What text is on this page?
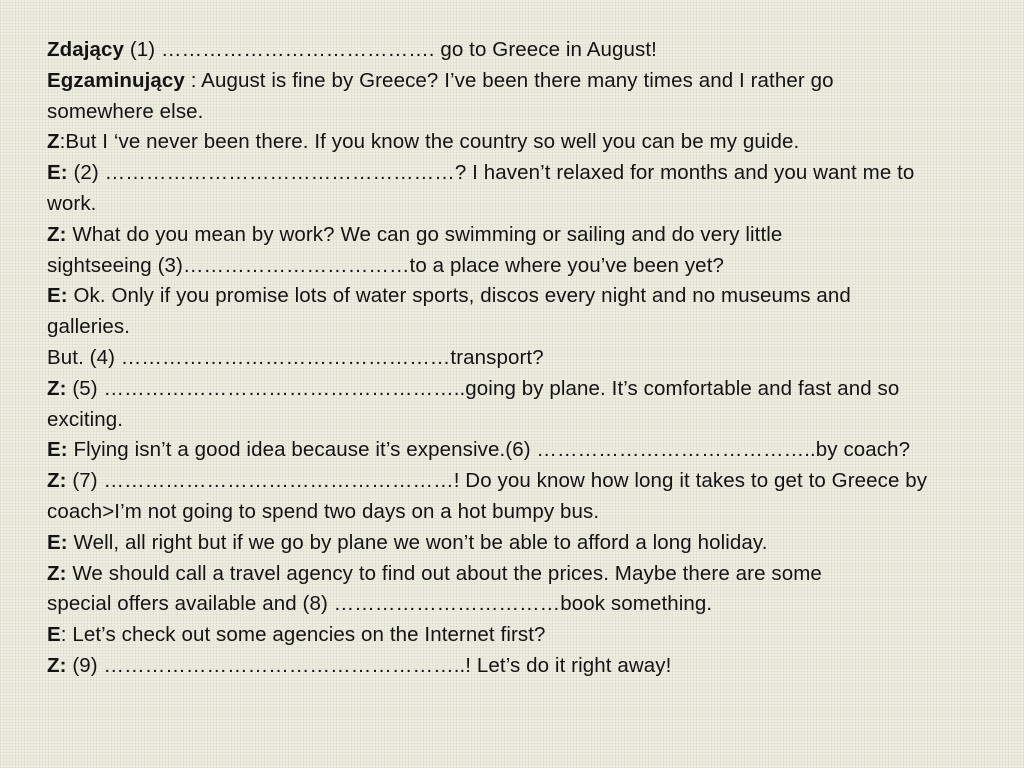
Zdający (1) …………………………………. go to Greece in August!
Egzaminujący : August is fine by Greece? I’ve been there many times and I rather go
somewhere else.
Z:But I ‘ve never been there. If you know the country so well you can be my guide.
E: (2) ……………………………………………? I haven’t relaxed for months and you want me to
work.
Z: What do you mean by work? We can go swimming or sailing and do very little
sightseeing (3)……………………………to a place where you’ve been yet?
E: Ok. Only if you promise lots of water sports, discos every night and no museums and
galleries.
But. (4) …………………………………………transport?
Z: (5) ……………………………………………..going by plane. It’s comfortable and fast and so
exciting.
E: Flying isn’t a good idea because it’s expensive.(6) …………………………………..by coach?
Z: (7) ……………………………………………! Do you know how long it takes to get to Greece by
coach>I’m not going to spend two days on a hot bumpy bus.
E: Well, all right but if we go by plane we won’t be able to afford a long holiday.
Z: We should call a travel agency to find out about the prices. Maybe there are some
special offers available and (8) ……………………………book something.
E: Let’s check out some agencies on the Internet first?
Z: (9) ……………………………………………..! Let’s do it right away!
